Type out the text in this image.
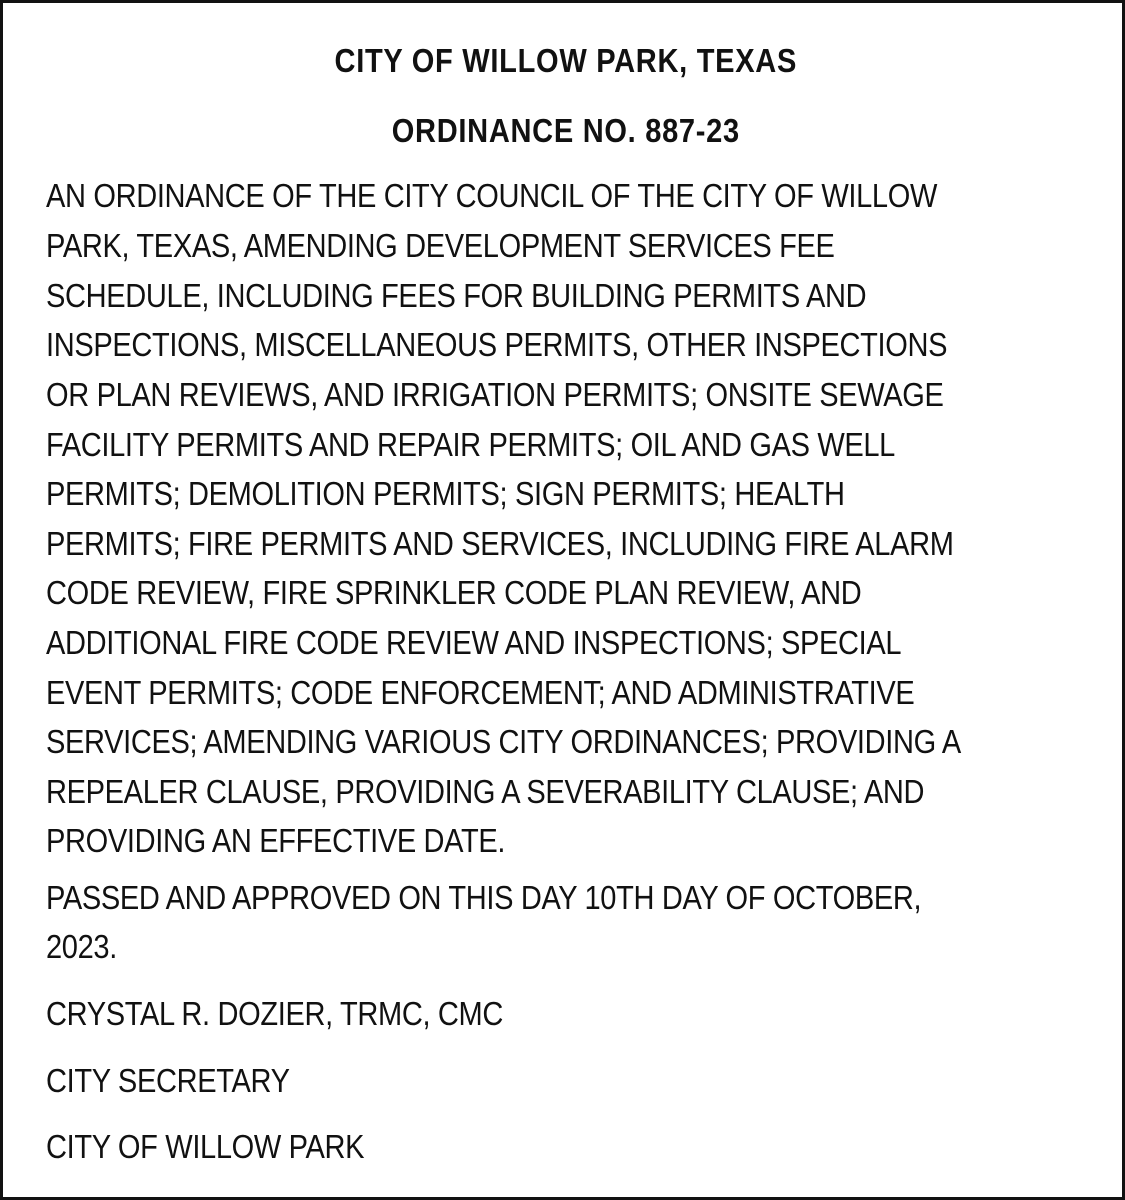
CITY OF WILLOW PARK, TEXAS
ORDINANCE NO. 887-23
AN ORDINANCE OF THE CITY COUNCIL OF THE CITY OF WILLOW
PARK, TEXAS, AMENDING DEVELOPMENT SERVICES FEE
SCHEDULE, INCLUDING FEES FOR BUILDING PERMITS AND
INSPECTIONS, MISCELLANEOUS PERMITS, OTHER INSPECTIONS
OR PLAN REVIEWS, AND IRRIGATION PERMITS; ONSITE SEWAGE
FACILITY PERMITS AND REPAIR PERMITS; OIL AND GAS WELL
PERMITS; DEMOLITION PERMITS; SIGN PERMITS; HEALTH
PERMITS; FIRE PERMITS AND SERVICES, INCLUDING FIRE ALARM
CODE REVIEW, FIRE SPRINKLER CODE PLAN REVIEW, AND
ADDITIONAL FIRE CODE REVIEW AND INSPECTIONS; SPECIAL
EVENT PERMITS; CODE ENFORCEMENT; AND ADMINISTRATIVE
SERVICES; AMENDING VARIOUS CITY ORDINANCES; PROVIDING A
REPEALER CLAUSE, PROVIDING A SEVERABILITY CLAUSE; AND
PROVIDING AN EFFECTIVE DATE.
PASSED AND APPROVED ON THIS DAY 10TH DAY OF OCTOBER,
2023.
CRYSTAL R. DOZIER, TRMC, CMC
CITY SECRETARY
CITY OF WILLOW PARK
